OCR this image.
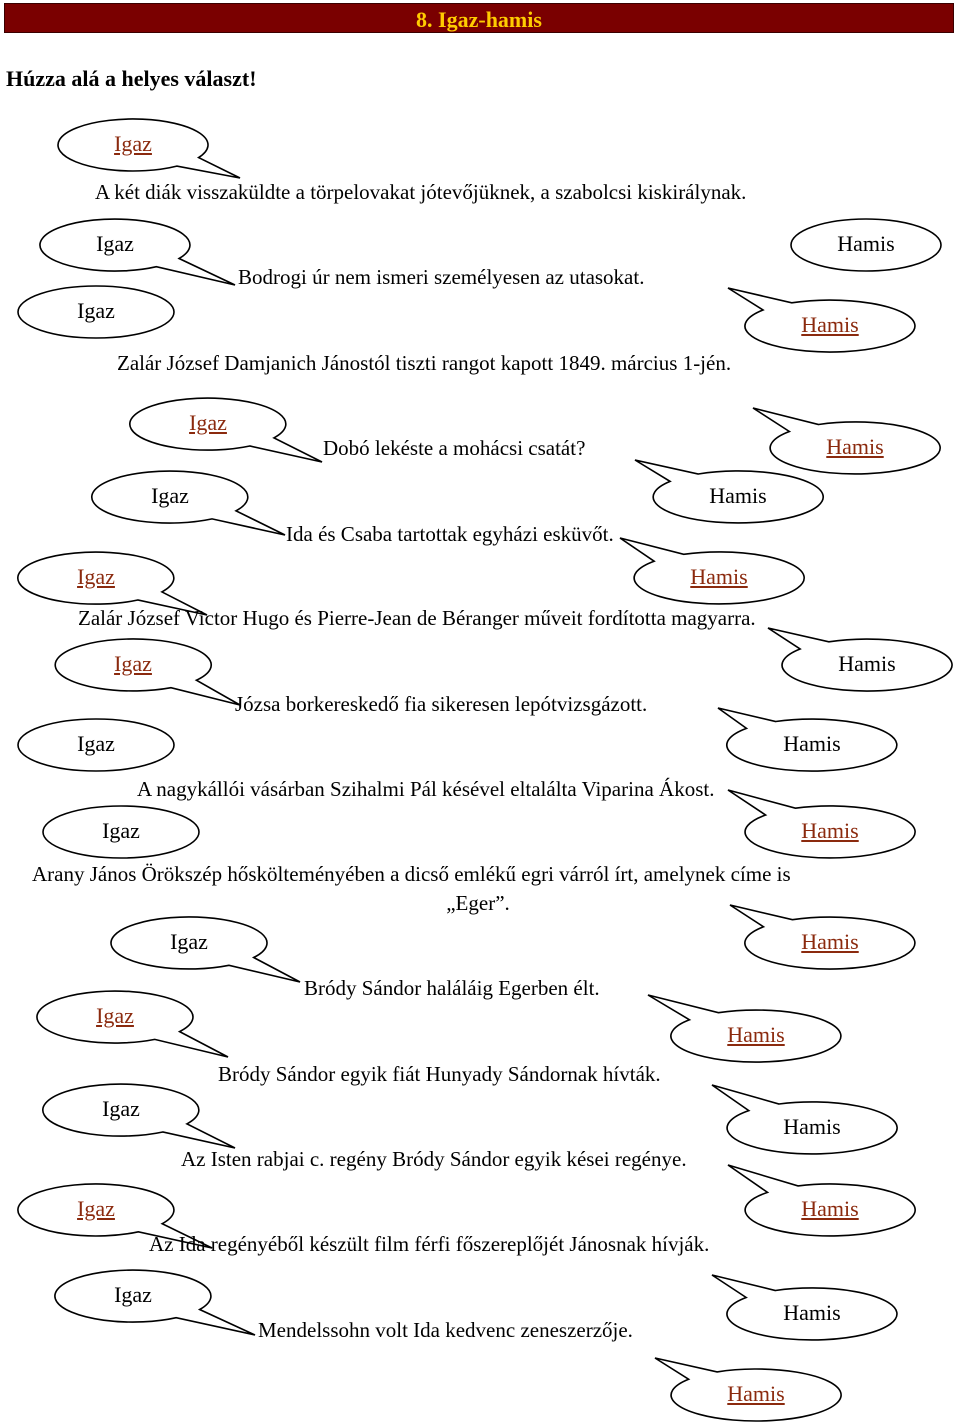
8. Igaz-hamis
Húzza alá a helyes választ!
Igaz
Igaz	Hamis
Igaz
Hamis
Igaz
Hamis
Igaz	Hamis
Igaz	Hamis
Igaz	Hamis
Igaz	Hamis
Igaz	Hamis
Igaz	Hamis
Igaz
Hamis
Igaz
Hamis
Igaz	Hamis
Igaz
Hamis
Hamis
A két diák visszaküldte a törpelovakat jótevőjüknek, a szabolcsi kiskirálynak.
Bodrogi úr nem ismeri személyesen az utasokat.
Zalár József Damjanich Jánostól tiszti rangot kapott 1849. március 1-jén.
Dobó lekéste a mohácsi csatát?
Ida és Csaba tartottak egyházi esküvőt.
Zalár József Victor Hugo és Pierre-Jean de Béranger műveit fordította magyarra.
Józsa borkereskedő fia sikeresen lepótvizsgázott.
A nagykállói vásárban Szihalmi Pál késével eltalálta Viparina Ákost.
Arany János Örökszép hőskölteményében a dicső emlékű egri várról írt, amelynek címe is
„Eger”.
Bródy Sándor haláláig Egerben élt.
Bródy Sándor egyik fiát Hunyady Sándornak hívták.
Az Isten rabjai c. regény Bródy Sándor egyik kései regénye.
Az Ida regényéből készült film férfi főszereplőjét Jánosnak hívják.
Mendelssohn volt Ida kedvenc zeneszerzője.
